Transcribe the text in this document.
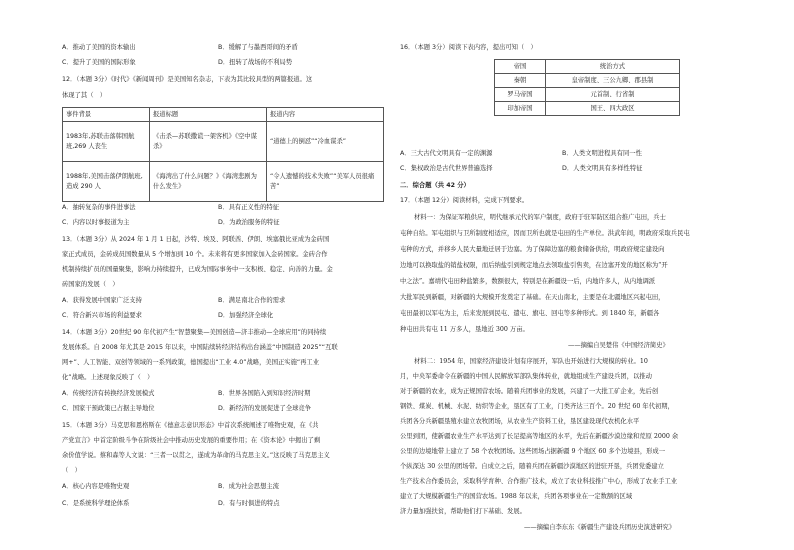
A．推动了美国的资本输出	B．缓解了与墨西哥间的矛盾
C．提升了美国的国际形象	D．扭转了战场的不利局势
12．（本题 3分）《时代》《新闻周刊》是美国知名杂志，下表为其比较具型的两篇报道。这
体现了其（　）
事件背景	报道标题	报道内容
1983年,苏联击落韩国航班,269 人丧生	《击杀—苏联撒谎一架客机》《空中谋杀》	“道德上的倒怼”“冷血谋杀”
1988年,美国击落伊朗航班,造成 290 人	《海湾出了什么问题？》《海湾悲剧为什么发生》	“令人遗憾的技术失败”“美军人员很痛苦”
A．抽转复杂的事件进事法	B．具有正义性的特征
C．内容以时事报道为主	D．为政治服务的特征
13．（本题 3分）从 2024 年 1 月 1 日起，沙特、埃及、阿联酋、伊朗、埃塞俄比亚成为金砖国
家正式成员，金砖成员国数量从 5 个增加到 10 个。未来将有更多国家加入金砖国家。金砖合作
机制持续扩员的国量聚集，影响力持续提升，已成为国际事务中一支积极、稳定、向善的力量。金
砖国家的发展（　）
A．获得发展中国家广泛支持	B．满足南北合作的需求
C．符合新兴市场的利益要求	D．加强经济全球化
14．（本题 3分）20世纪 90 年代初产生“智慧聚集—美国创造—济丰推动—全球应用”的同持续
发展体系。自 2008 年尤其是 2015 年以来，中国陆续转经济结构出台涵盖“中国制造 2025”“互联
网+”、人工智能、双创等领域的一系列政策，德国提出“工业 4.0”战略，美国正实施“再工业
化”战略。上述现象反映了（　）
A．传统经济有转换经济发展模式	B．世界各国陷入到知识经济时期
C．国家干预政策已占据主导地位	D．新经济的发展促进了全球竞争
15．（本题 3分）马克思和恩格斯在《德意志意识形态》中首次系统阐述了唯物史观，在《共
产党宣言》中首定阶级斗争在阶级社会中推动历史发展的重要作用；在《资本论》中揭出了剩
余价值学说。蔡和森等人文说：“三者一以贯之，遂成为革命的马克思主义。”这反映了马克思主义
（　）
A．核心内容是唯物史观	B．成为社会思想主流
C．是系统科学理论体系	D．有与时俱进的特点
16．（本题 3分）阅读下表内容，提出可知（　）
帝国	统治方式
秦朝	皇帝制度、三公九卿、郡县制
罗马帝国	元首制、行省制
印加帝国	国王、四大政区
A．三大古代文明具有一定的渊源	B．人类文明进程具有同一性
C．集权政治是古代世界普遍选择	D．人类文明具有多样性特征
二．综合题（共 42 分）
17．（本题 12分）阅读材料，完成下列要求。
材料一：为保证军粮供应，明代继承元代的军户制度，政府于驻军防区组合推广屯田，兵士
屯种自给。军屯组织与卫所制度相适应，因而卫所也就是屯田的生产单位。洪武年间，明政府采取兵民屯
屯种的方式，并移乡人民大量地迁居于边塞。为了保障边塞的粮食储备供给，明政府规定建设向
边地可以换取盐的销盐权限，而后纳盐引到规定地点去领取盐引售卖，在边塞开发的地区称为“开
中之法”。嘉靖代屯田种盐繁多，数额很大，特别是在新疆设一后，内地许多人，从内地调派
大批军民到新疆，对新疆的大规模开发奠定了基础。在天山南北，主要是在北疆地区兴起屯田，
屯田最初以军屯为主，后来发展到民屯、遣屯、旗屯、回屯等多种形式。到 1840 年，新疆各
种屯田共有屯 11 万多人，垦地近 300 万亩。
——摘编自吴楚伟《中国经济简史》
材料二：1954 年，国家经济建设计划有序展开，军队也开始进行大规模的转业。10
月，中央军委命令在新疆的中国人民解放军部队集体转业，就地组成生产建设兵团，以推动
对于新疆的农业，成为正规国营农场。随着兵团事业的发展，兴建了一大批工矿企业，先后创
钢铁、煤炭、机械、水泥、纺织等企业，垦区有了工业，门类齐达三百个。20 世纪 60 年代初期，
兵团各分兵新疆垦殖水建立农牧团场，从农业生产资料工业，垦区建设现代农机化水平
公里到团，使新疆农业生产水平达到了长足提高等地区的水平，先后在新疆沙漠边缘和荒原 2000 余
公里的边境地带上建立了 58 个农牧团场。这些团场占据新疆 9 个地区 60 多个边境县，形成一
个纵深达 30 公里的团场带。自成立之后，随着兵团在新疆沙漠地区的进驻开垦，兵团党委建立
生产技术合作委员会，采取科学育种、合作推广技术，成立了农业科技推广中心，形成了农业手工业
建立了大规模新疆生产的国营农场。1988 年以来，兵团各项事业在一定数额的区域
济力量加强扶贫，帮助他们打下基础、发展。
——摘编自李东东《新疆生产建设兵团历史演进研究》
